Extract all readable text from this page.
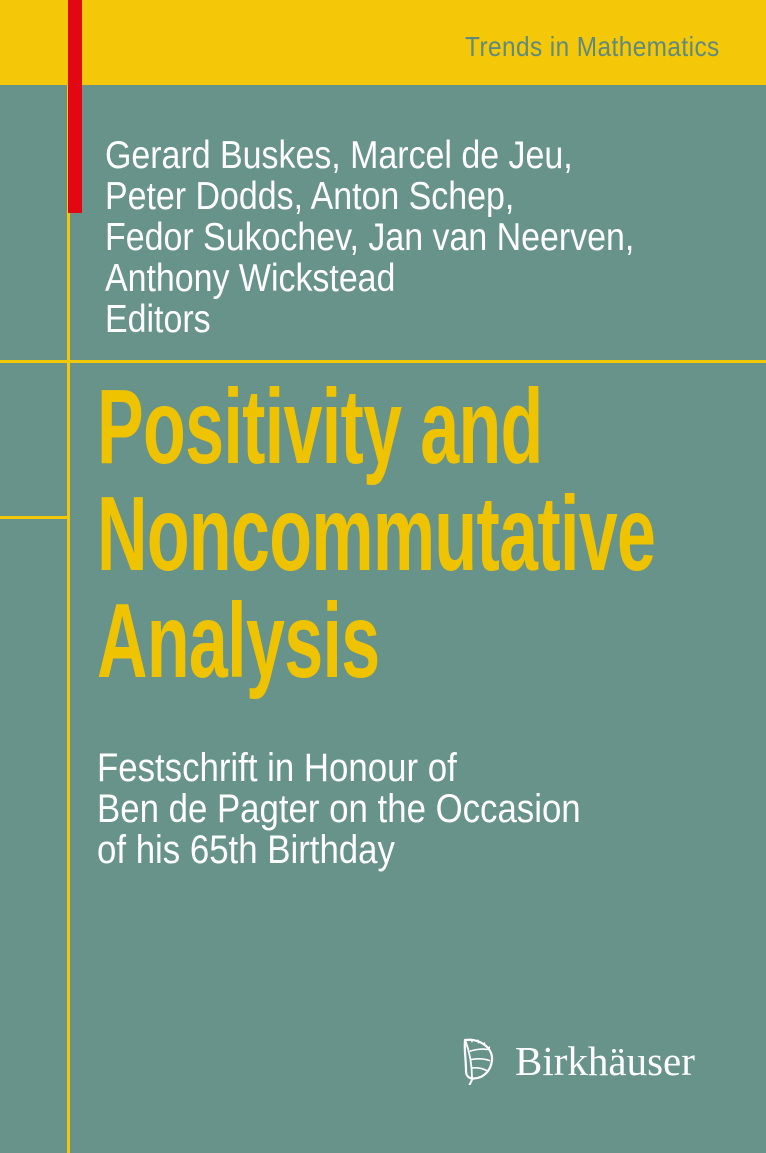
Trends in Mathematics
Gerard Buskes, Marcel de Jeu,
Peter Dodds, Anton Schep,
Fedor Sukochev, Jan van Neerven,
Anthony Wickstead
Editors
Positivity and
Noncommutative
Analysis
Festschrift in Honour of
Ben de Pagter on the Occasion
of his 65th Birthday
Birkhäuser
